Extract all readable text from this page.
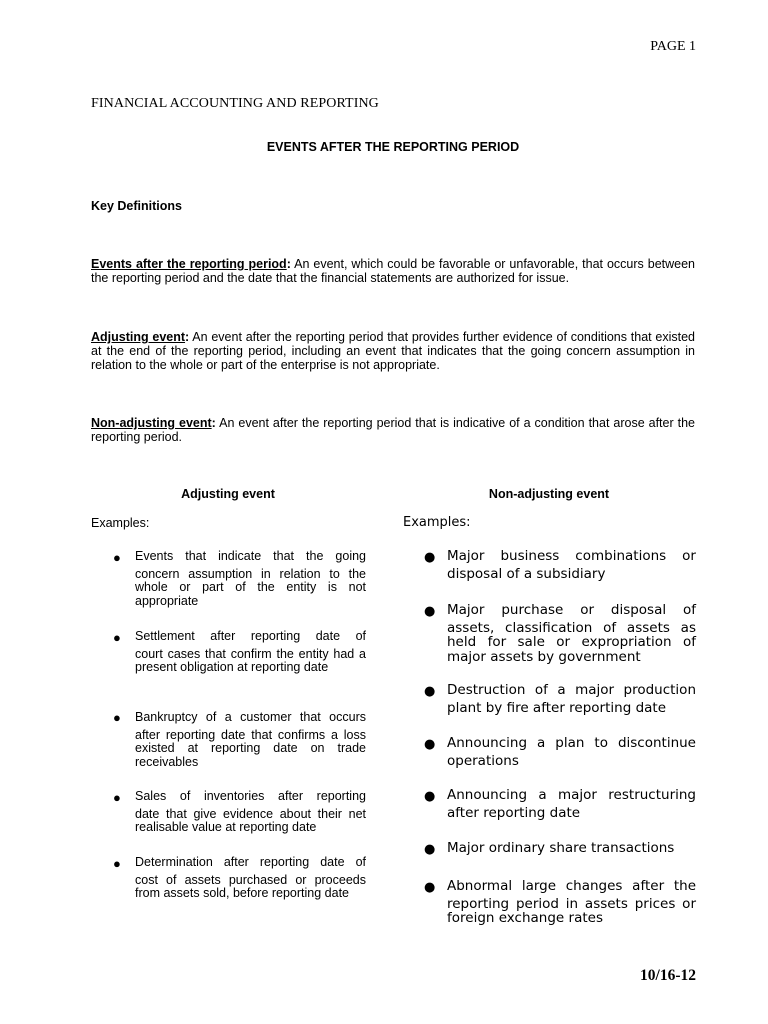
PAGE 1
FINANCIAL ACCOUNTING AND REPORTING
EVENTS AFTER THE REPORTING PERIOD
Key Definitions

Events after the reporting period: An event, which could be favorable or unfavorable, that occurs between the reporting period and the date that the financial statements are authorized for issue.

Adjusting event: An event after the reporting period that provides further evidence of conditions that existed at the end of the reporting period, including an event that indicates that the going concern assumption in relation to the whole or part of the enterprise is not appropriate.

Non-adjusting event: An event after the reporting period that is indicative of a condition that arose after the reporting period.

Adjusting event	Non-adjusting event
Examples:	Examples:
● Events that indicate that the going
concern assumption in relation to the whole or part of the entity is not appropriate
● Settlement after reporting date of
court cases that confirm the entity had a present obligation at reporting date
● Bankruptcy of a customer that occurs
after reporting date that confirms a loss existed at reporting date on trade receivables
● Sales of inventories after reporting
date that give evidence about their net realisable value at reporting date
● Determination after reporting date of
cost of assets purchased or proceeds from assets sold, before reporting date
● Major business combinations or
disposal of a subsidiary
● Major purchase or disposal of
assets, classification of assets as held for sale or expropriation of major assets by government
● Destruction of a major production
plant by fire after reporting date
● Announcing a plan to discontinue
operations
● Announcing a major restructuring
after reporting date
● Major ordinary share transactions
● Abnormal large changes after the
reporting period in assets prices or foreign exchange rates
10/16-12
